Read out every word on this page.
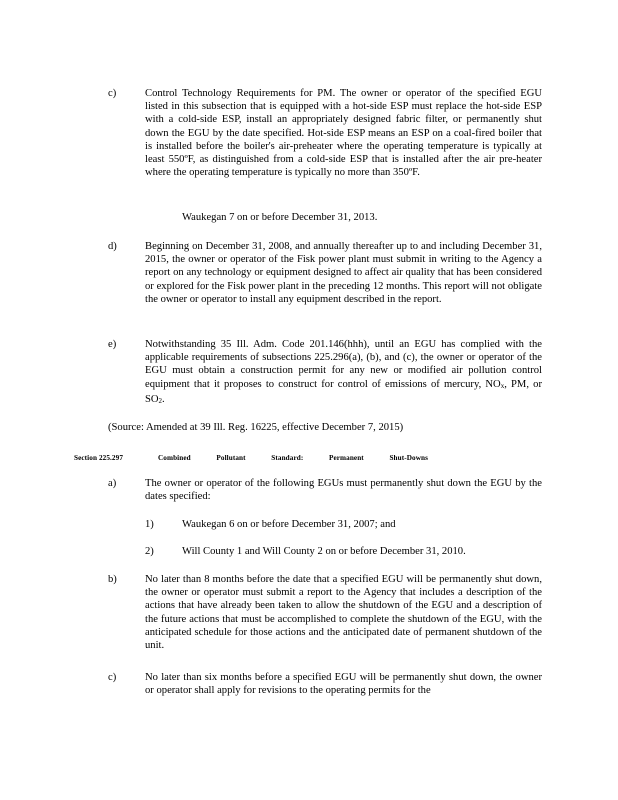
c)	Control Technology Requirements for PM. The owner or operator of the specified EGU listed in this subsection that is equipped with a hot-side ESP must replace the hot-side ESP with a cold-side ESP, install an appropriately designed fabric filter, or permanently shut down the EGU by the date specified. Hot-side ESP means an ESP on a coal-fired boiler that is installed before the boiler's air-preheater where the operating temperature is typically at least 550ºF, as distinguished from a cold-side ESP that is installed after the air pre-heater where the operating temperature is typically no more than 350ºF.
Waukegan 7 on or before December 31, 2013.
d)	Beginning on December 31, 2008, and annually thereafter up to and including December 31, 2015, the owner or operator of the Fisk power plant must submit in writing to the Agency a report on any technology or equipment designed to affect air quality that has been considered or explored for the Fisk power plant in the preceding 12 months. This report will not obligate the owner or operator to install any equipment described in the report.
e)	Notwithstanding 35 Ill. Adm. Code 201.146(hhh), until an EGU has complied with the applicable requirements of subsections 225.296(a), (b), and (c), the owner or operator of the EGU must obtain a construction permit for any new or modified air pollution control equipment that it proposes to construct for control of emissions of mercury, NOx, PM, or SO2.
(Source: Amended at 39 Ill. Reg. 16225, effective December 7, 2015)
Section 225.297	Combined Pollutant Standard: Permanent Shut-Downs
a)	The owner or operator of the following EGUs must permanently shut down the EGU by the dates specified:
1)	Waukegan 6 on or before December 31, 2007; and
2)	Will County 1 and Will County 2 on or before December 31, 2010.
b)	No later than 8 months before the date that a specified EGU will be permanently shut down, the owner or operator must submit a report to the Agency that includes a description of the actions that have already been taken to allow the shutdown of the EGU and a description of the future actions that must be accomplished to complete the shutdown of the EGU, with the anticipated schedule for those actions and the anticipated date of permanent shutdown of the unit.
c)	No later than six months before a specified EGU will be permanently shut down, the owner or operator shall apply for revisions to the operating permits for the
